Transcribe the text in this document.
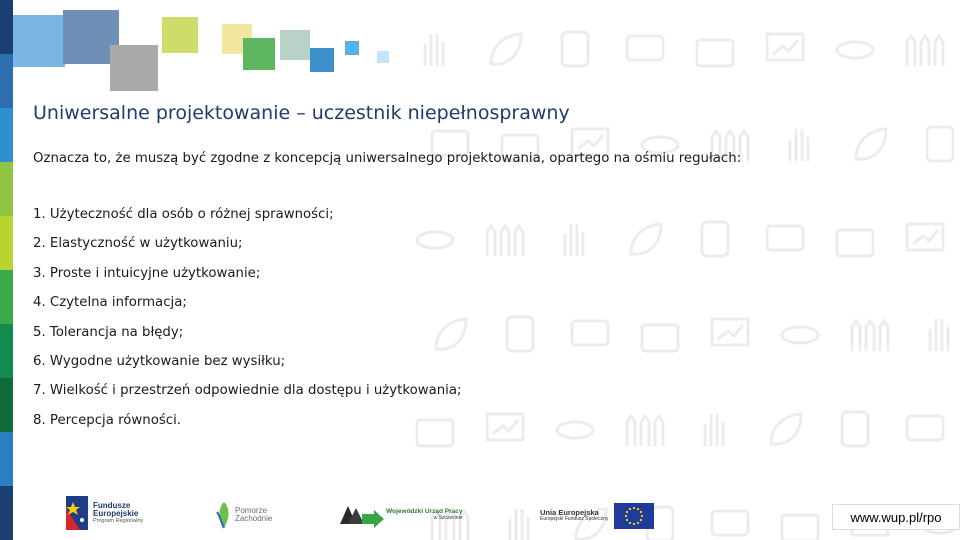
Uniwersalne projektowanie – uczestnik niepełnosprawny
Oznacza to, że muszą być zgodne z koncepcją uniwersalnego projektowania, opartego na ośmiu regułach:
1. Użyteczność dla osób o różnej sprawności;
2. Elastyczność w użytkowaniu;
3. Proste i intuicyjne użytkowanie;
4. Czytelna informacja;
5. Tolerancja na błędy;
6. Wygodne użytkowanie bez wysiłku;
7. Wielkość i przestrzeń odpowiednie dla dostępu i użytkowania;
8. Percepcja równości.
Fundusze
Europejskie
Program Regionalny
Pomorze
Zachodnie
Wojewódzki Urząd Pracy
w Szczecinie
Unia Europejska
Europejski Fundusz Społeczny	www.wup.pl/rpo
